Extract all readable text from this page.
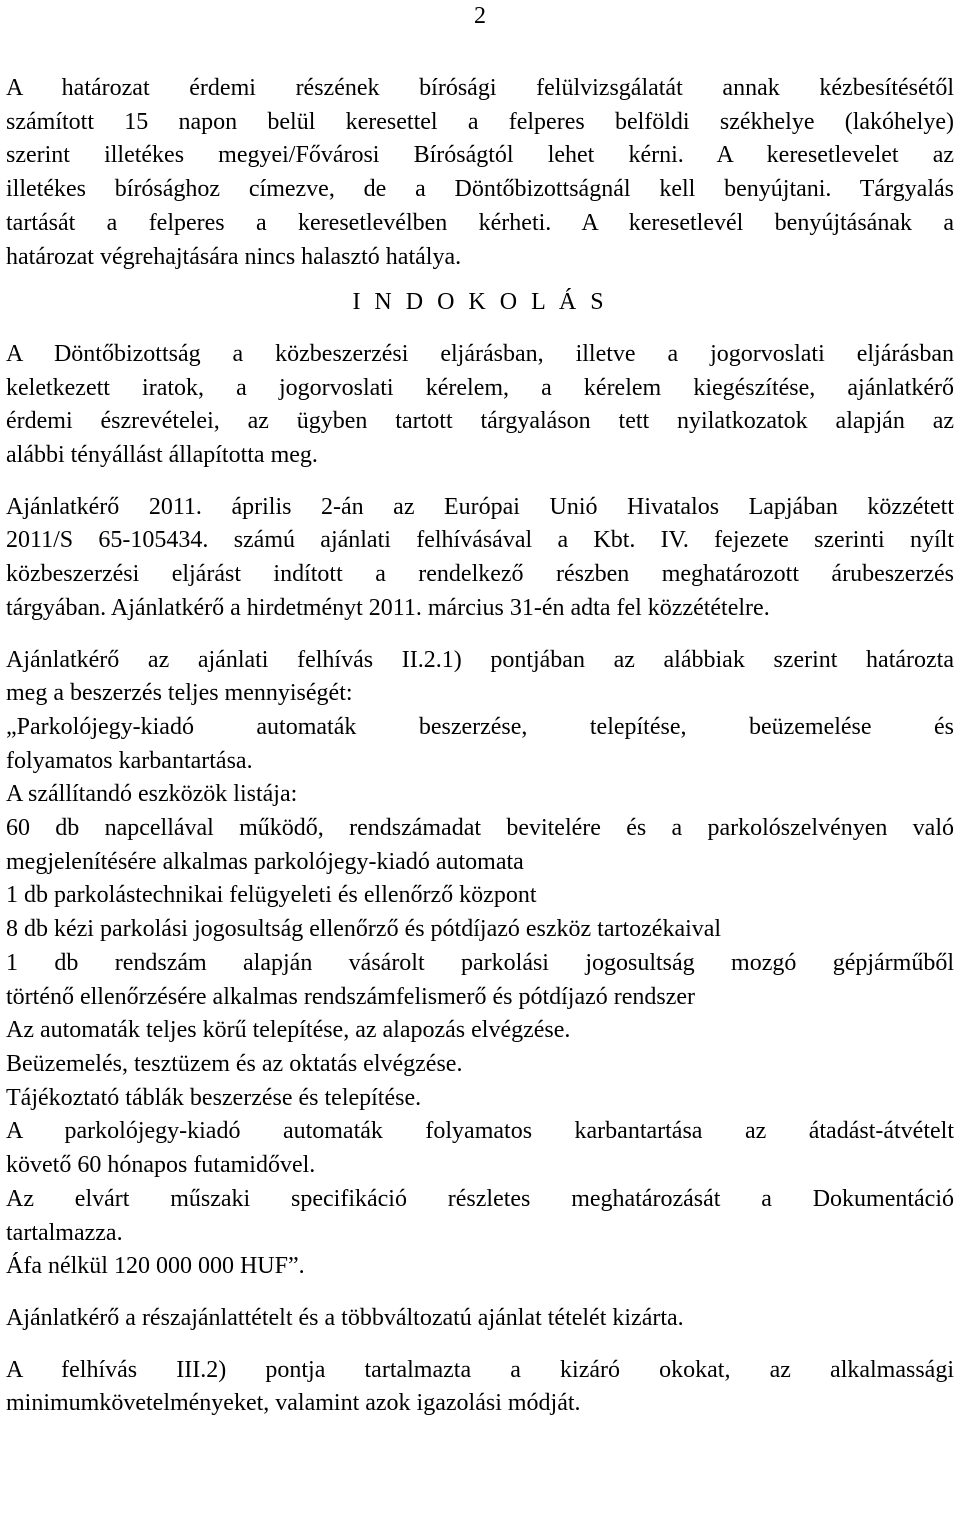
2
A határozat érdemi részének bírósági felülvizsgálatát annak kézbesítésétől
számított 15 napon belül keresettel a felperes belföldi székhelye (lakóhelye)
szerint illetékes megyei/Fővárosi Bíróságtól lehet kérni. A keresetlevelet az
illetékes bírósághoz címezve, de a Döntőbizottságnál kell benyújtani. Tárgyalás
tartását a felperes a keresetlevélben kérheti. A keresetlevél benyújtásának a
határozat végrehajtására nincs halasztó hatálya.
I N D O K O L Á S
A Döntőbizottság a közbeszerzési eljárásban, illetve a jogorvoslati eljárásban
keletkezett iratok, a jogorvoslati kérelem, a kérelem kiegészítése, ajánlatkérő
érdemi észrevételei, az ügyben tartott tárgyaláson tett nyilatkozatok alapján az
alábbi tényállást állapította meg.
Ajánlatkérő 2011. április 2-án az Európai Unió Hivatalos Lapjában közzétett
2011/S 65-105434. számú ajánlati felhívásával a Kbt. IV. fejezete szerinti nyílt
közbeszerzési eljárást indított a rendelkező részben meghatározott árubeszerzés
tárgyában. Ajánlatkérő a hirdetményt 2011. március 31-én adta fel közzétételre.
Ajánlatkérő az ajánlati felhívás II.2.1) pontjában az alábbiak szerint határozta
meg a beszerzés teljes mennyiségét:
„Parkolójegy-kiadó automaták beszerzése, telepítése, beüzemelése és
folyamatos karbantartása.
A szállítandó eszközök listája:
60 db napcellával működő, rendszámadat bevitelére és a parkolószelvényen való
megjelenítésére alkalmas parkolójegy-kiadó automata
1 db parkolástechnikai felügyeleti és ellenőrző központ
8 db kézi parkolási jogosultság ellenőrző és pótdíjazó eszköz tartozékaival
1 db rendszám alapján vásárolt parkolási jogosultság mozgó gépjárműből
történő ellenőrzésére alkalmas rendszámfelismerő és pótdíjazó rendszer
Az automaták teljes körű telepítése, az alapozás elvégzése.
Beüzemelés, tesztüzem és az oktatás elvégzése.
Tájékoztató táblák beszerzése és telepítése.
A parkolójegy-kiadó automaták folyamatos karbantartása az átadást-átvételt
követő 60 hónapos futamidővel.
Az elvárt műszaki specifikáció részletes meghatározását a Dokumentáció
tartalmazza.
Áfa nélkül 120 000 000 HUF”.
Ajánlatkérő a részajánlattételt és a többváltozatú ajánlat tételét kizárta.
A felhívás III.2) pontja tartalmazta a kizáró okokat, az alkalmassági
minimumkövetelményeket, valamint azok igazolási módját.
